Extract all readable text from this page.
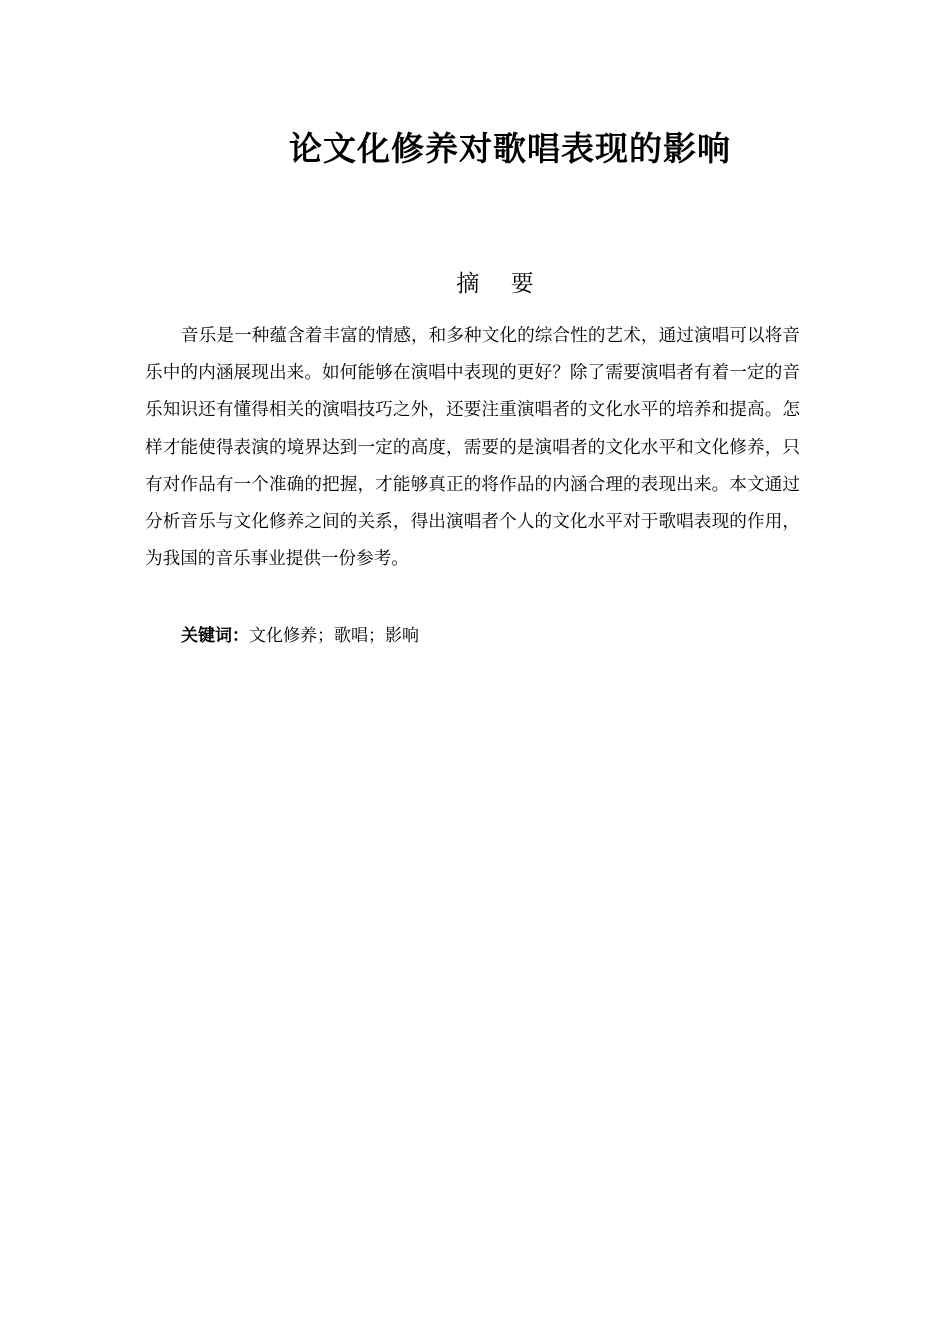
论文化修养对歌唱表现的影响
摘 要

音乐是一种蕴含着丰富的情感，和多种文化的综合性的艺术，通过演唱可以将音乐中的内涵展现出来。如何能够在演唱中表现的更好？除了需要演唱者有着一定的音乐知识还有懂得相关的演唱技巧之外，还要注重演唱者的文化水平的培养和提高。怎样才能使得表演的境界达到一定的高度，需要的是演唱者的文化水平和文化修养，只有对作品有一个准确的把握，才能够真正的将作品的内涵合理的表现出来。本文通过分析音乐与文化修养之间的关系，得出演唱者个人的文化水平对于歌唱表现的作用，为我国的音乐事业提供一份参考。

关键词：文化修养；歌唱；影响
